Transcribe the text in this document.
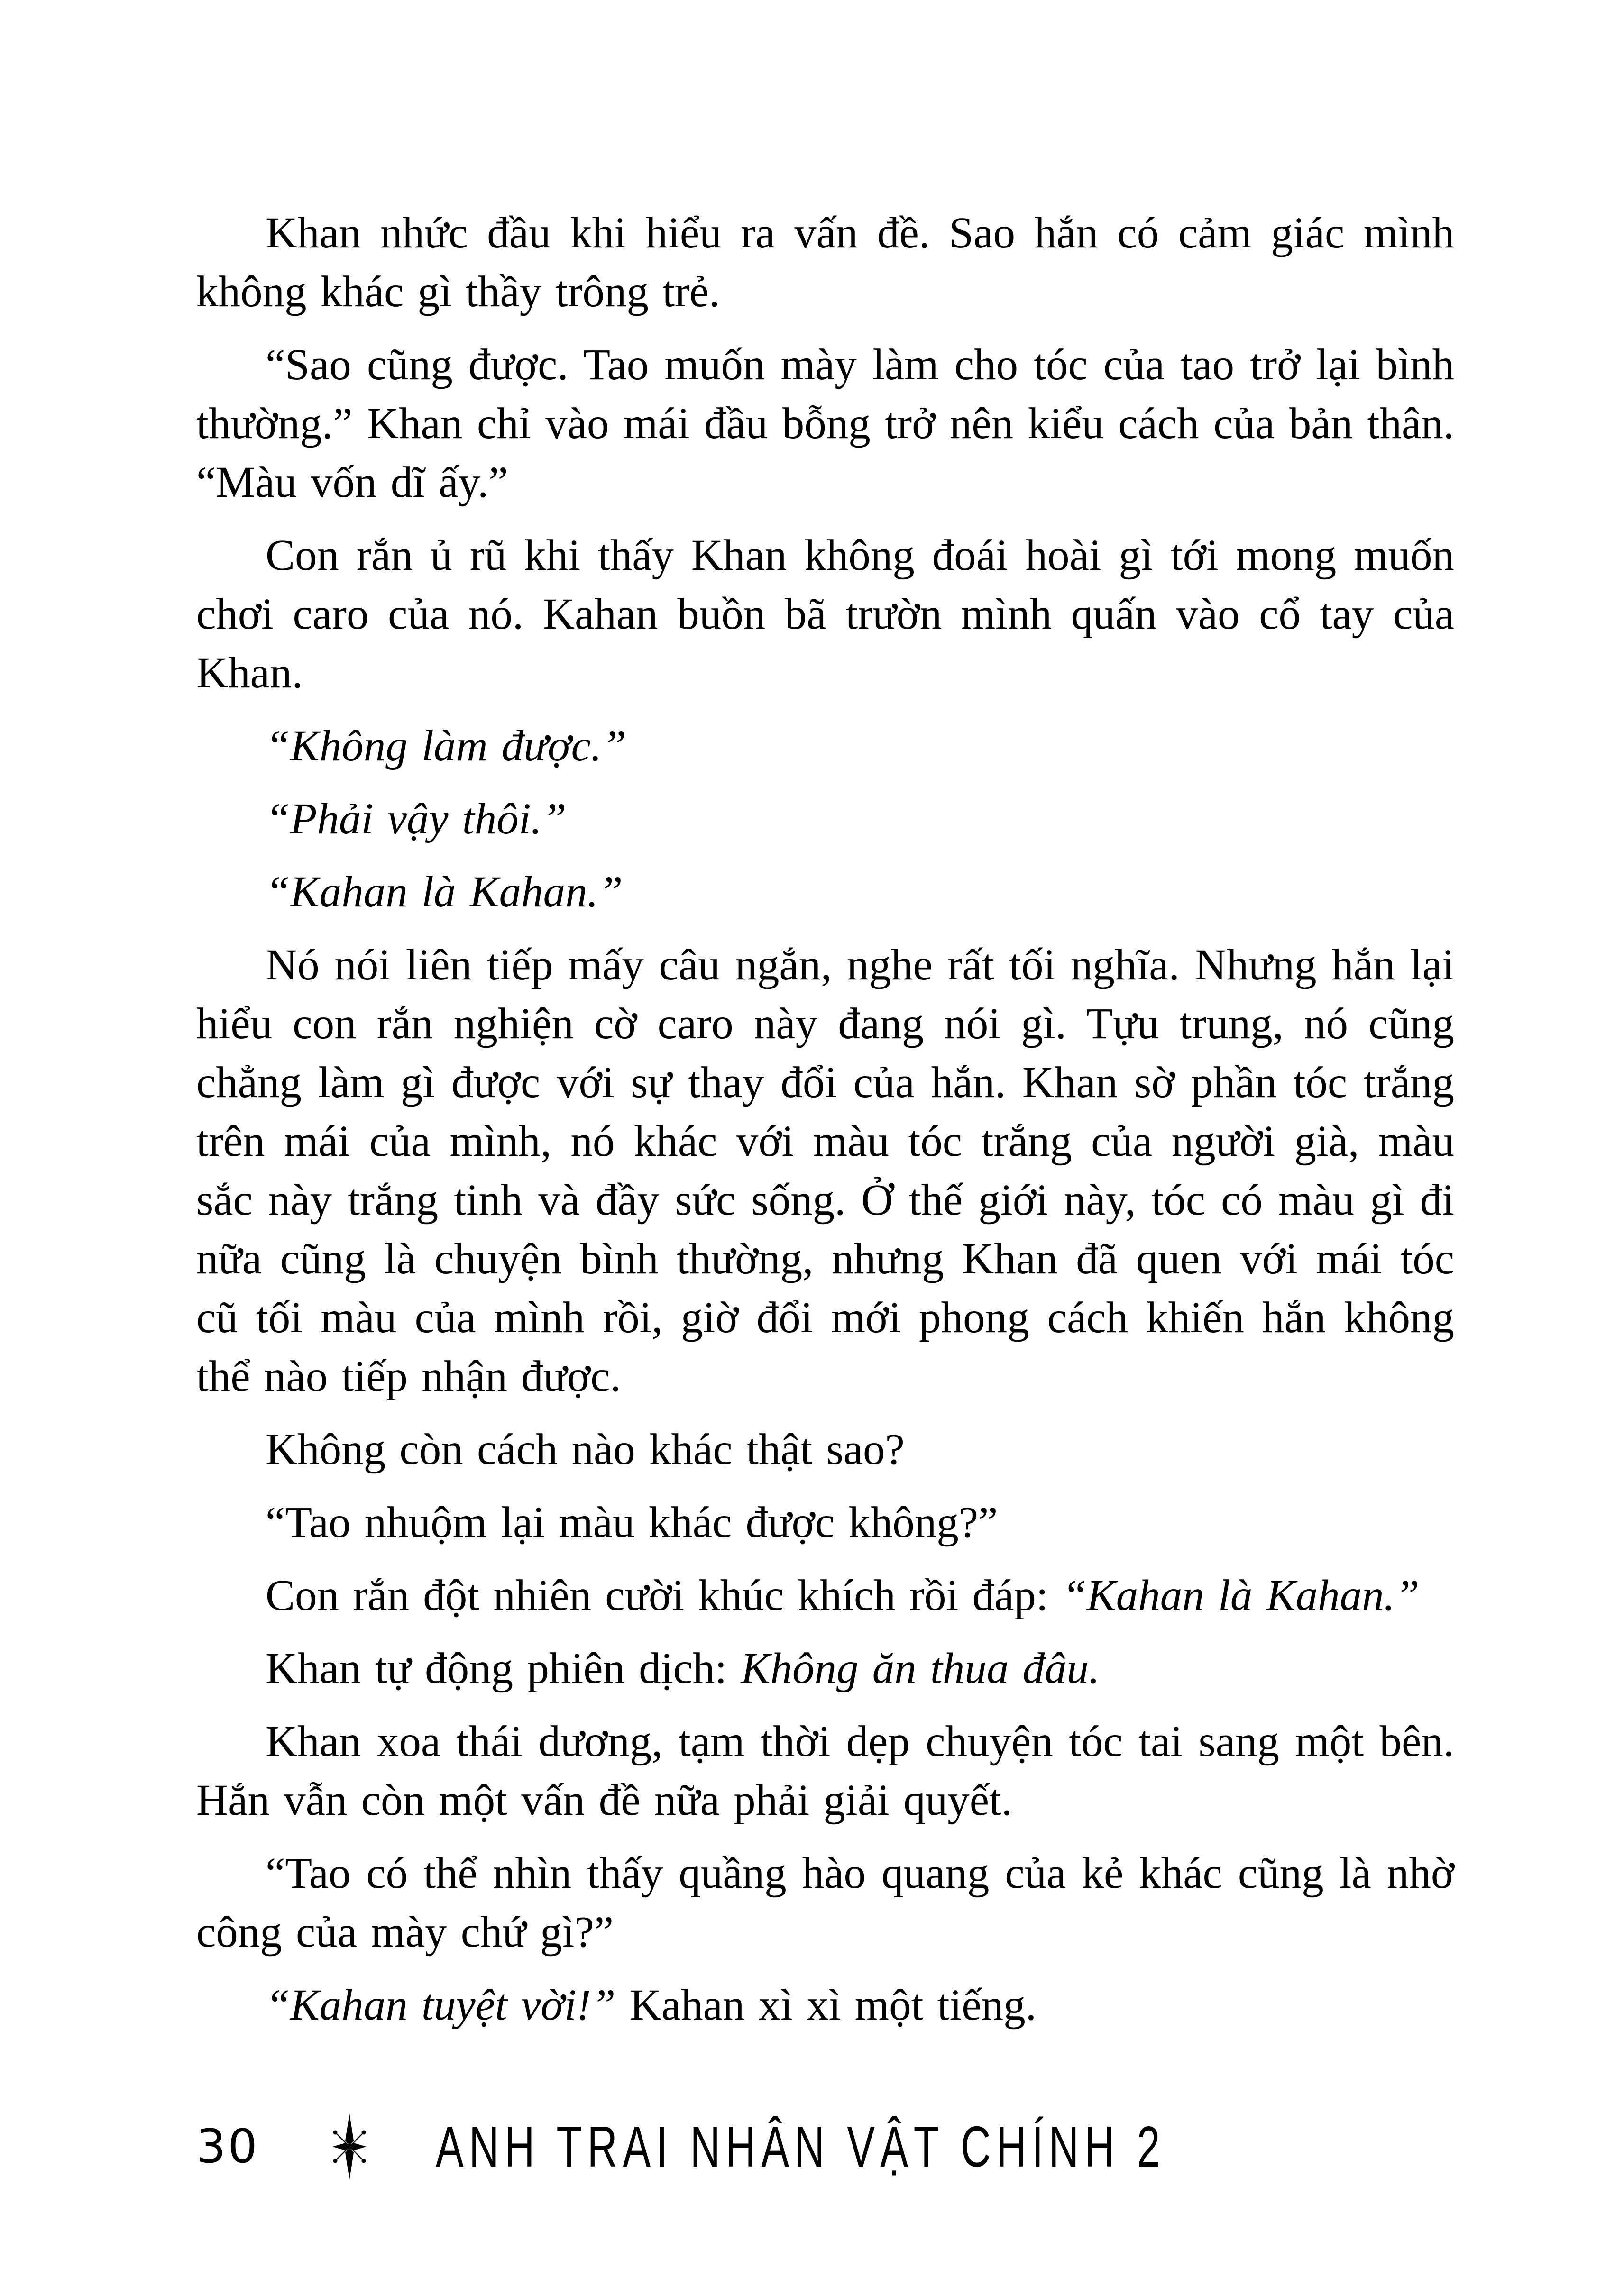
Khan nhức đầu khi hiểu ra vấn đề. Sao hắn có cảm giác mình không khác gì thầy trông trẻ.

“Sao cũng được. Tao muốn mày làm cho tóc của tao trở lại bình thường.” Khan chỉ vào mái đầu bỗng trở nên kiểu cách của bản thân. “Màu vốn dĩ ấy.”

Con rắn ủ rũ khi thấy Khan không đoái hoài gì tới mong muốn chơi caro của nó. Kahan buồn bã trườn mình quấn vào cổ tay của Khan.

“Không làm được.”

“Phải vậy thôi.”

“Kahan là Kahan.”

Nó nói liên tiếp mấy câu ngắn, nghe rất tối nghĩa. Nhưng hắn lại hiểu con rắn nghiện cờ caro này đang nói gì. Tựu trung, nó cũng chẳng làm gì được với sự thay đổi của hắn. Khan sờ phần tóc trắng trên mái của mình, nó khác với màu tóc trắng của người già, màu sắc này trắng tinh và đầy sức sống. Ở thế giới này, tóc có màu gì đi nữa cũng là chuyện bình thường, nhưng Khan đã quen với mái tóc cũ tối màu của mình rồi, giờ đổi mới phong cách khiến hắn không thể nào tiếp nhận được.

Không còn cách nào khác thật sao?

“Tao nhuộm lại màu khác được không?”

Con rắn đột nhiên cười khúc khích rồi đáp: “Kahan là Kahan.”

Khan tự động phiên dịch: Không ăn thua đâu.

Khan xoa thái dương, tạm thời dẹp chuyện tóc tai sang một bên. Hắn vẫn còn một vấn đề nữa phải giải quyết.

“Tao có thể nhìn thấy quầng hào quang của kẻ khác cũng là nhờ công của mày chứ gì?”

“Kahan tuyệt vời!” Kahan xì xì một tiếng.

30	ANH TRAI NHÂN VẬT CHÍNH 2
